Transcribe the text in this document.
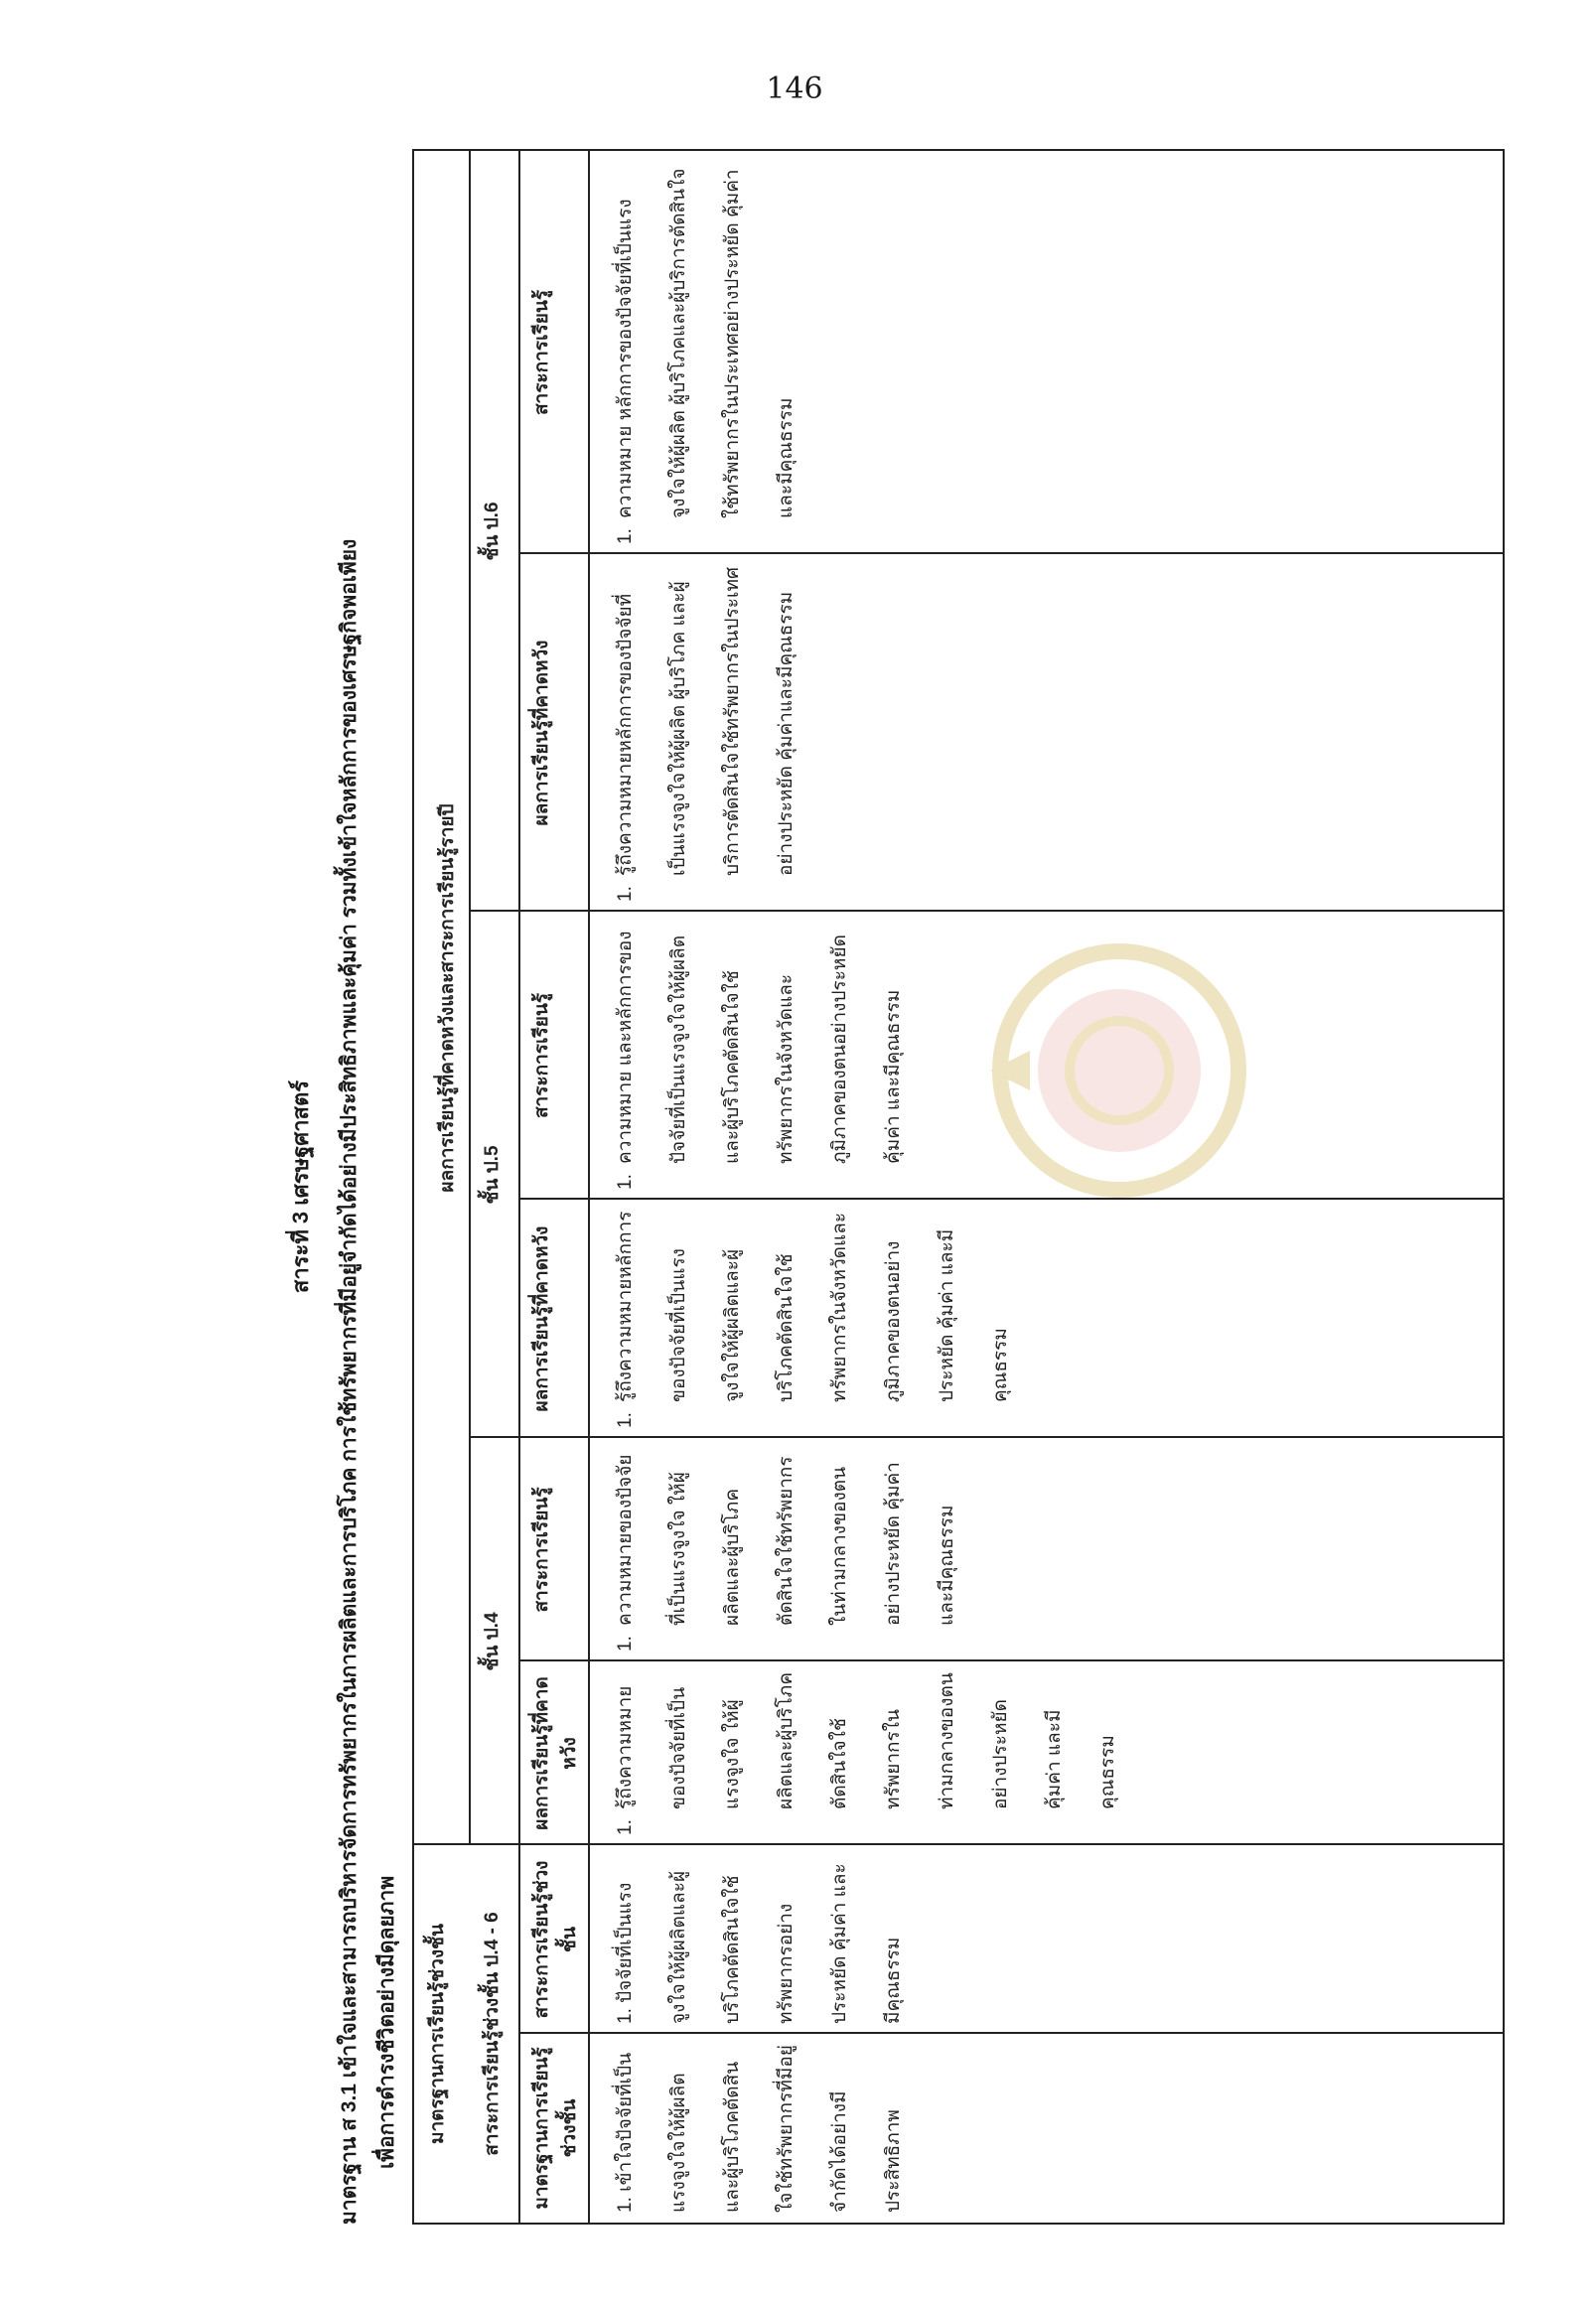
146
สาระที่ 3 เศรษฐศาสตร์ มาตรฐาน ส 3.1 เข้าใจและสามารถบริหารจัดการทรัพยากรในการผลิตและการบริโภค การใช้ทรัพยากรที่มีอยู่จำกัดได้อย่างมีประสิทธิภาพและคุ้มค่า รวมทั้งเข้าใจหลักการของเศรษฐกิจพอเพียง เพื่อการดำรงชีวิตอย่างมีดุลยภาพ	มาตรฐานการเรียนรู้ช่วงชั้น	สาระการเรียนรู้ช่วงชั้น ป.4 - 6
ผลการเรียนรู้ที่คาดหวังและสาระการเรียนรู้รายปี
ชั้น ป.4
ชั้น ป.5
ชั้น ป.6
มาตรฐานการเรียนรู้ช่วงชั้น
สาระการเรียนรู้ช่วงชั้น
ผลการเรียนรู้ที่คาดหวัง
สาระการเรียนรู้
ผลการเรียนรู้ที่คาดหวัง
สาระการเรียนรู้
ผลการเรียนรู้ที่คาดหวัง
สาระการเรียนรู้
1. เข้าใจปัจจัยที่เป็นแรงจูงใจให้ผู้ผลิตและผู้บริโภคตัดสินใจใช้ทรัพยากรที่มีอยู่จำกัดได้อย่างมีประสิทธิภาพ
1. ปัจจัยที่เป็นแรงจูงใจให้ผู้ผลิตและผู้บริโภคตัดสินใจใช้ทรัพยากรอย่างประหยัด คุ้มค่า และมีคุณธรรม
1.
รู้ถึงความหมายของปัจจัยที่เป็นแรงจูงใจ ให้ผู้ผลิตและผู้บริโภคตัดสินใจใช้ทรัพยากรในท่ามกลางของตนอย่างประหยัด คุ้มค่า และมีคุณธรรม
1.
ความหมายของปัจจัยที่เป็นแรงจูงใจ ให้ผู้ผลิตและผู้บริโภคตัดสินใจใช้ทรัพยากรในท่ามกลางของตนอย่างประหยัด คุ้มค่า และมีคุณธรรม
1.
รู้ถึงความหมายหลักการของปัจจัยที่เป็นแรงจูงใจให้ผู้ผลิตและผู้บริโภคตัดสินใจใช้ทรัพยากรในจังหวัดและภูมิภาคของตนอย่างประหยัด คุ้มค่า และมีคุณธรรม
1.
ความหมาย และหลักการของปัจจัยที่เป็นแรงจูงใจให้ผู้ผลิตและผู้บริโภคตัดสินใจใช้ทรัพยากรในจังหวัดและภูมิภาคของตนอย่างประหยัด คุ้มค่า และมีคุณธรรม
1.
รู้ถึงความหมายหลักการของปัจจัยที่เป็นแรงจูงใจให้ผู้ผลิต ผู้บริโภค และผู้บริการตัดสินใจใช้ทรัพยากรในประเทศอย่างประหยัด คุ้มค่าและมีคุณธรรม
1.
ความหมาย หลักการของปัจจัยที่เป็นแรงจูงใจให้ผู้ผลิต ผู้บริโภคและผู้บริการตัดสินใจใช้ทรัพยากรในประเทศอย่างประหยัด คุ้มค่า และมีคุณธรรม
